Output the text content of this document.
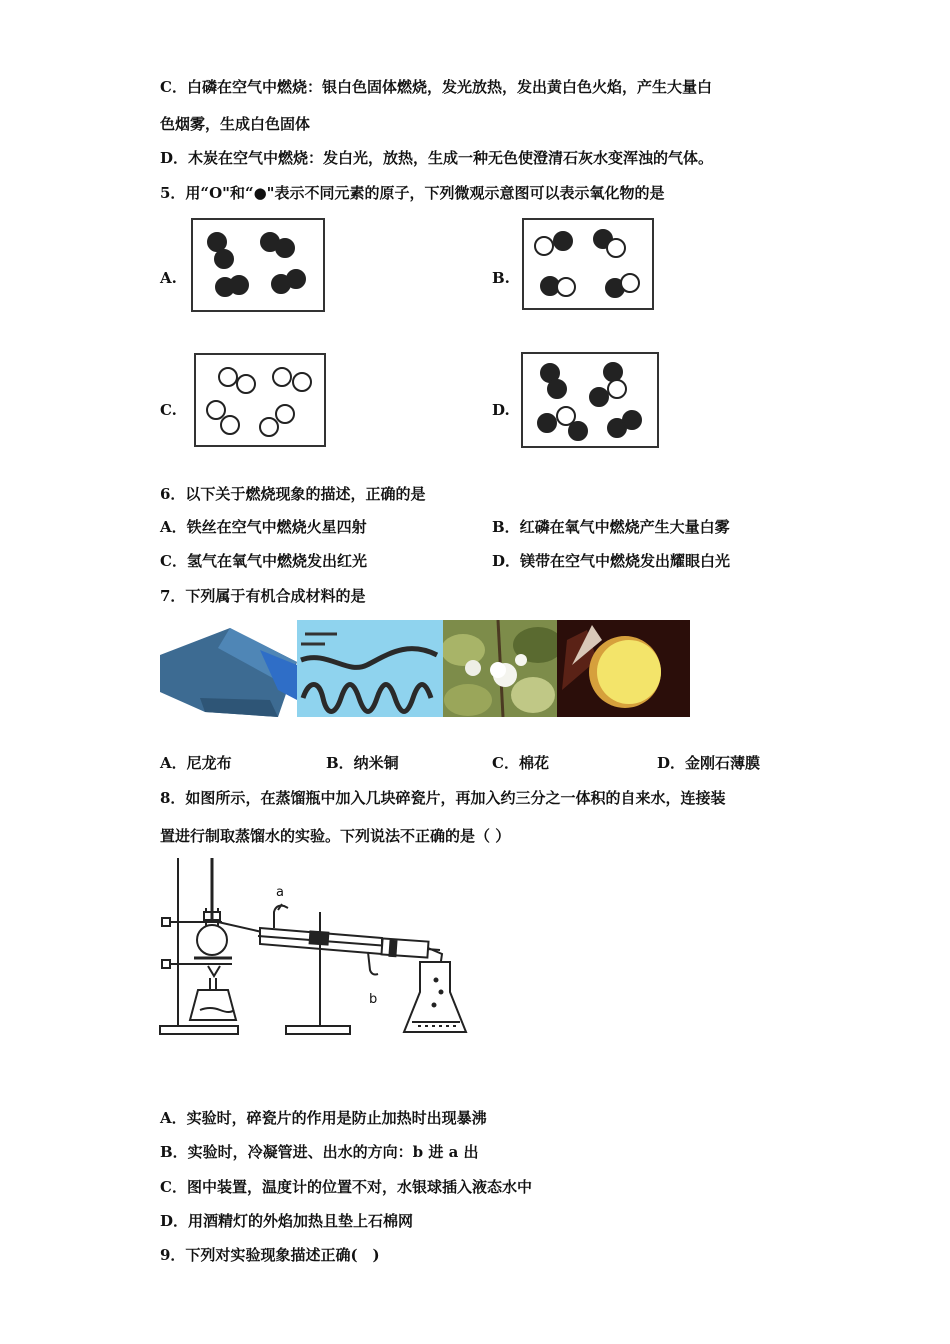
C．白磷在空气中燃烧：银白色固体燃烧，发光放热，发出黄白色火焰，产生大量白
色烟雾，生成白色固体
D．木炭在空气中燃烧：发白光，放热，生成一种无色使澄清石灰水变浑浊的气体。
5．用“O"和“●"表示不同元素的原子，下列微观示意图可以表示氧化物的是
A.	B.
C.	D.
6．以下关于燃烧现象的描述，正确的是
A．铁丝在空气中燃烧火星四射	B．红磷在氧气中燃烧产生大量白雾
C．氢气在氧气中燃烧发出红光	D．镁带在空气中燃烧发出耀眼白光
7．下列属于有机合成材料的是
A．尼龙布	B．纳米铜	C．棉花	D．金刚石薄膜
8．如图所示，在蒸馏瓶中加入几块碎瓷片，再加入约三分之一体积的自来水，连接装
置进行制取蒸馏水的实验。下列说法不正确的是（ ）
a
b
A．实验时，碎瓷片的作用是防止加热时出现暴沸
B．实验时，冷凝管进、出水的方向：b 进 a 出
C．图中装置，温度计的位置不对，水银球插入液态水中
D．用酒精灯的外焰加热且垫上石棉网
9．下列对实验现象描述正确(　)
